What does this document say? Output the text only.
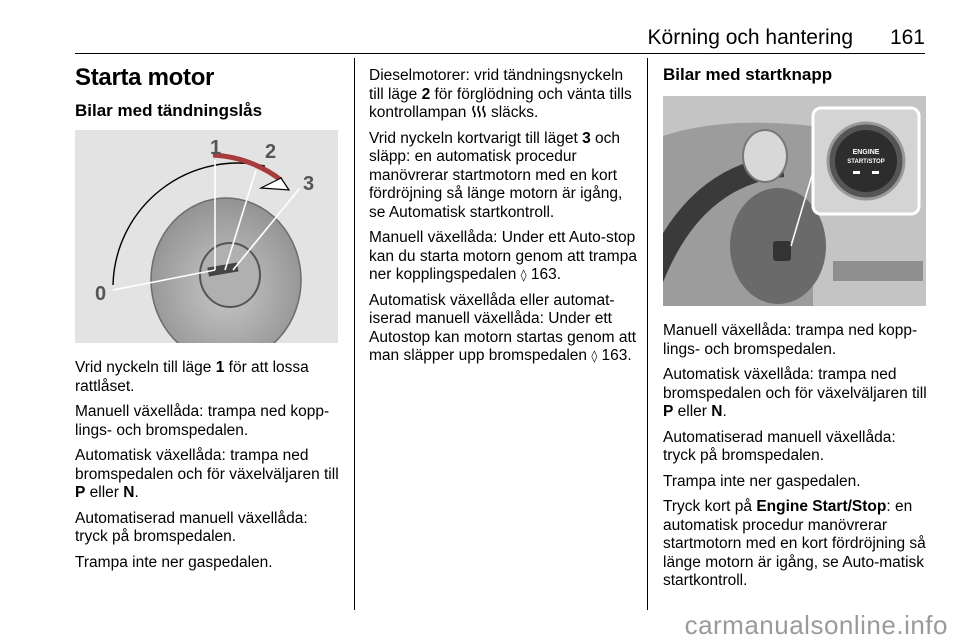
Körning och hantering 161
Starta motor
Bilar med tändningslås
1 2
3
0

Vrid nyckeln till läge 1 för att lossa rattlåset.

Manuell växellåda: trampa ned kopp-lings- och bromspedalen.

Automatisk växellåda: trampa ned bromspedalen och för växelväljaren till P eller N.

Automatiserad manuell växellåda: tryck på bromspedalen.

Trampa inte ner gaspedalen.

Dieselmotorer: vrid tändningsnyckeln till läge 2 för förglödning och vänta tills kontrollampan  släcks.

Vrid nyckeln kortvarigt till läget 3 och släpp: en automatisk procedur manövrerar startmotorn med en kort fördröjning så länge motorn är igång, se Automatisk startkontroll.

Manuell växellåda: Under ett Auto-stop kan du starta motorn genom att trampa ner kopplingspedalen ◊ 163.

Automatisk växellåda eller automat-iserad manuell växellåda: Under ett Autostop kan motorn startas genom att man släpper upp bromspedalen ◊ 163.

Bilar med startknapp
ENGINE
START/STOP

Manuell växellåda: trampa ned kopp-lings- och bromspedalen.

Automatisk växellåda: trampa ned bromspedalen och för växelväljaren till P eller N.

Automatiserad manuell växellåda: tryck på bromspedalen.

Trampa inte ner gaspedalen.

Tryck kort på Engine Start/Stop: en automatisk procedur manövrerar startmotorn med en kort fördröjning så länge motorn är igång, se Auto-matisk startkontroll.

carmanualsonline.info
